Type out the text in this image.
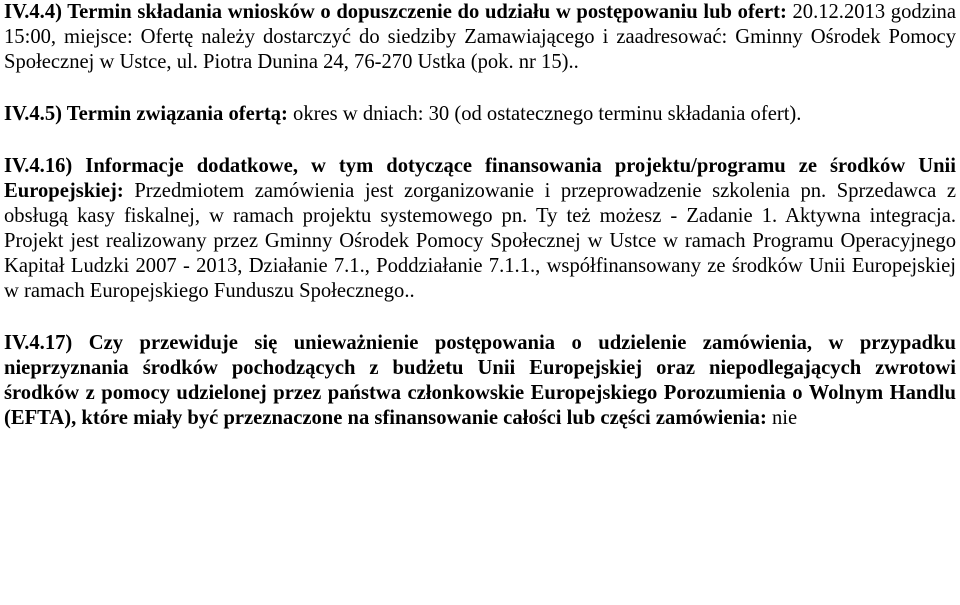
IV.4.4) Termin składania wniosków o dopuszczenie do udziału w postępowaniu lub ofert: 20.12.2013 godzina 15:00, miejsce: Ofertę należy dostarczyć do siedziby Zamawiającego i zaadresować: Gminny Ośrodek Pomocy Społecznej w Ustce, ul. Piotra Dunina 24, 76-270 Ustka (pok. nr 15)..

IV.4.5) Termin związania ofertą: okres w dniach: 30 (od ostatecznego terminu składania ofert).

IV.4.16) Informacje dodatkowe, w tym dotyczące finansowania projektu/programu ze środków Unii Europejskiej: Przedmiotem zamówienia jest zorganizowanie i przeprowadzenie szkolenia pn. Sprzedawca z obsługą kasy fiskalnej, w ramach projektu systemowego pn. Ty też możesz - Zadanie 1. Aktywna integracja. Projekt jest realizowany przez Gminny Ośrodek Pomocy Społecznej w Ustce w ramach Programu Operacyjnego Kapitał Ludzki 2007 - 2013, Działanie 7.1., Poddziałanie 7.1.1., współfinansowany ze środków Unii Europejskiej w ramach Europejskiego Funduszu Społecznego..

IV.4.17) Czy przewiduje się unieważnienie postępowania o udzielenie zamówienia, w przypadku nieprzyznania środków pochodzących z budżetu Unii Europejskiej oraz niepodlegających zwrotowi środków z pomocy udzielonej przez państwa członkowskie Europejskiego Porozumienia o Wolnym Handlu (EFTA), które miały być przeznaczone na sfinansowanie całości lub części zamówienia: nie
